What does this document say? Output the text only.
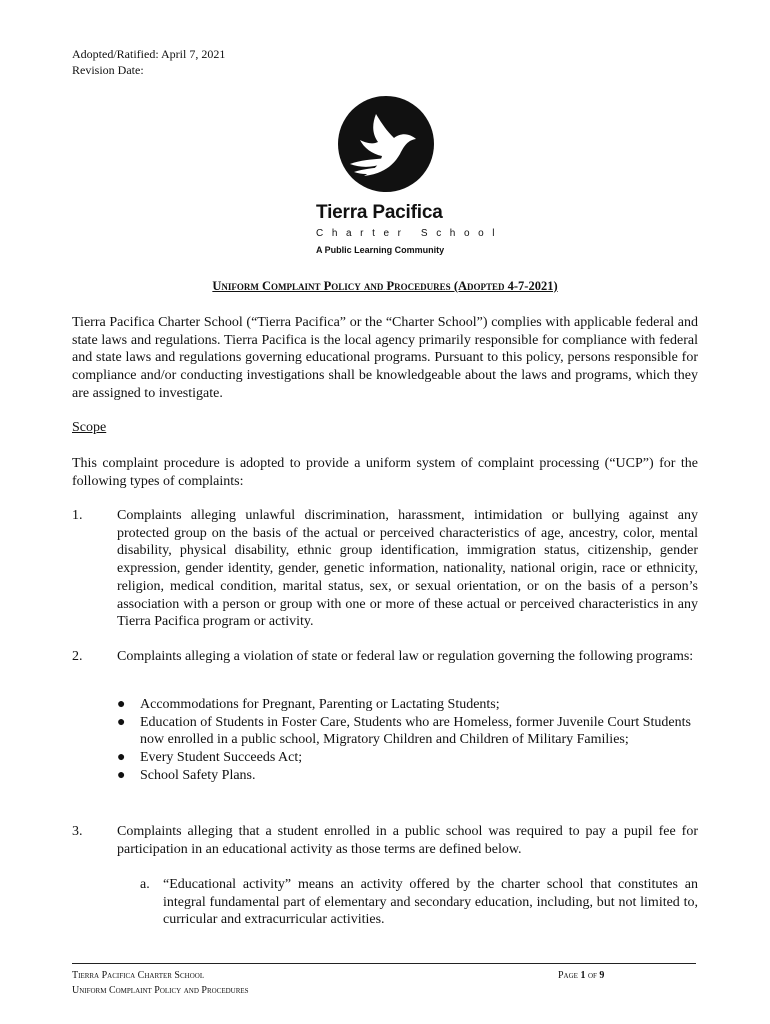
Adopted/Ratified: April 7, 2021
Revision Date:
Tierra Pacifica
Charter School
A Public Learning Community
Uniform Complaint Policy and Procedures (Adopted 4-7-2021)
Tierra Pacifica Charter School (“Tierra Pacifica” or the “Charter School”) complies with applicable federal and state laws and regulations. Tierra Pacifica is the local agency primarily responsible for compliance with federal and state laws and regulations governing educational programs. Pursuant to this policy, persons responsible for compliance and/or conducting investigations shall be knowledgeable about the laws and programs, which they are assigned to investigate.
Scope
This complaint procedure is adopted to provide a uniform system of complaint processing (“UCP”) for the following types of complaints:
1. Complaints alleging unlawful discrimination, harassment, intimidation or bullying against any protected group on the basis of the actual or perceived characteristics of age, ancestry, color, mental disability, physical disability, ethnic group identification, immigration status, citizenship, gender expression, gender identity, gender, genetic information, nationality, national origin, race or ethnicity, religion, medical condition, marital status, sex, or sexual orientation, or on the basis of a person’s association with a person or group with one or more of these actual or perceived characteristics in any Tierra Pacifica program or activity.
2. Complaints alleging a violation of state or federal law or regulation governing the following programs:
● Accommodations for Pregnant, Parenting or Lactating Students;
● Education of Students in Foster Care, Students who are Homeless, former Juvenile Court Students now enrolled in a public school, Migratory Children and Children of Military Families;
● Every Student Succeeds Act;
● School Safety Plans.
3. Complaints alleging that a student enrolled in a public school was required to pay a pupil fee for participation in an educational activity as those terms are defined below.
a. “Educational activity” means an activity offered by the charter school that constitutes an integral fundamental part of elementary and secondary education, including, but not limited to, curricular and extracurricular activities.
Tierra Pacifica Charter School
Uniform Complaint Policy and Procedures
Page 1 of 9
